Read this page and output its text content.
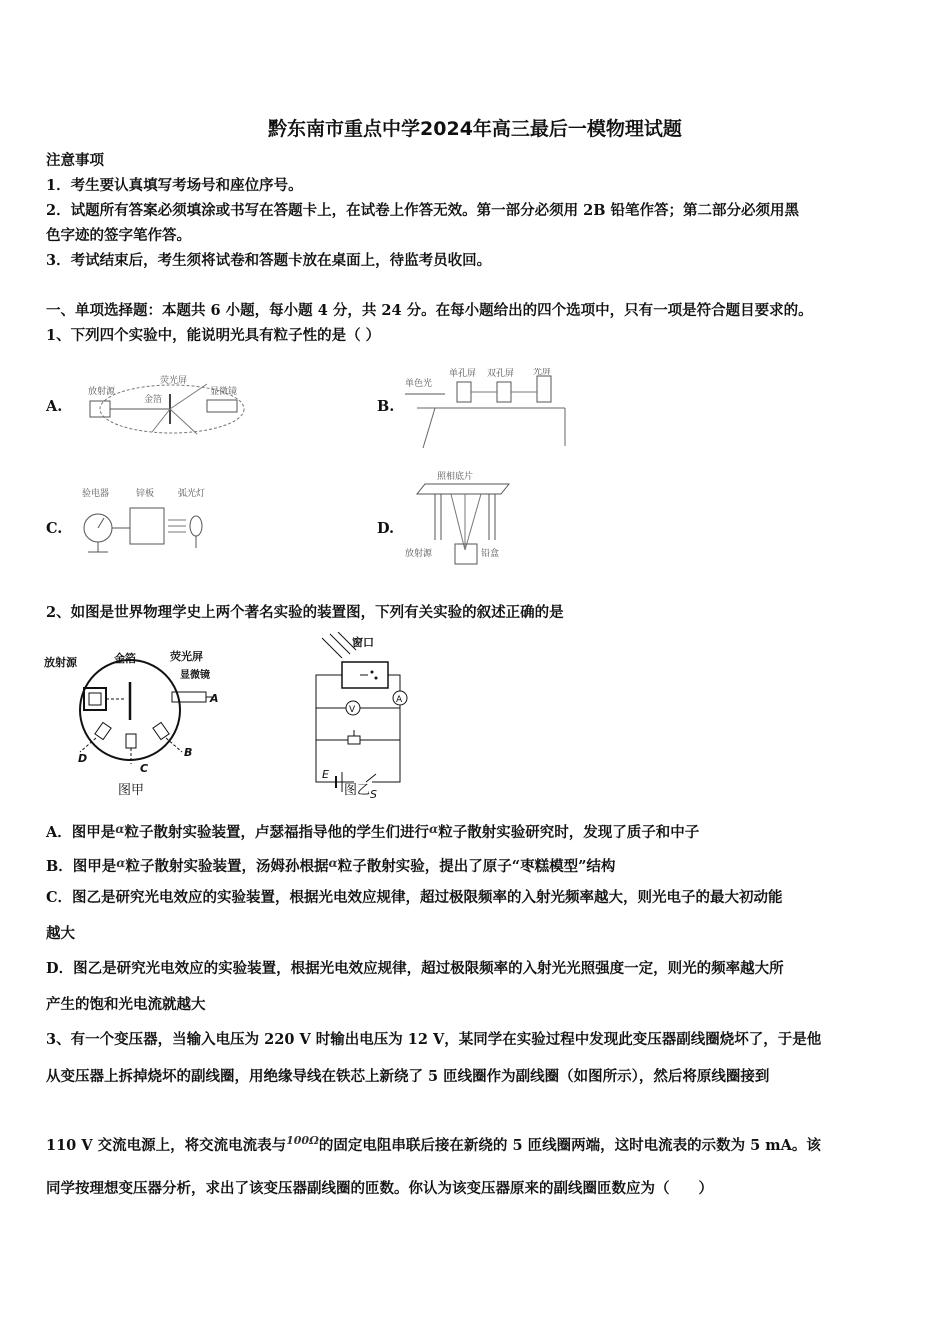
黔东南市重点中学2024年高三最后一模物理试题
注意事项
1．考生要认真填写考场号和座位序号。
2．试题所有答案必须填涂或书写在答题卡上，在试卷上作答无效。第一部分必须用 2B 铅笔作答；第二部分必须用黑
色字迹的签字笔作答。
3．考试结束后，考生须将试卷和答题卡放在桌面上，待监考员收回。
一、单项选择题：本题共 6 小题，每小题 4 分，共 24 分。在每小题给出的四个选项中，只有一项是符合题目要求的。
1、下列四个实验中，能说明光具有粒子性的是（ ）
A.	B.
C.	D.
放射源
荧光屏
显微镜
金箔
单色光
单孔屏 双孔屏 光屏
验电器	锌板	弧光灯
照相底片
放射源	铅盒
2、如图是世界物理学史上两个著名实验的装置图，下列有关实验的叙述正确的是
放射源	金箔	荧光屏
显微镜
A
B
C
D
图甲
窗口
A
V
E
S
图乙
A．图甲是$^\alpha$粒子散射实验装置，卢瑟福指导他的学生们进行$^\alpha$粒子散射实验研究时，发现了质子和中子
B．图甲是$^\alpha$粒子散射实验装置，汤姆孙根据$^\alpha$粒子散射实验，提出了原子“枣糕模型”结构
C．图乙是研究光电效应的实验装置，根据光电效应规律，超过极限频率的入射光频率越大，则光电子的最大初动能
越大
D．图乙是研究光电效应的实验装置，根据光电效应规律，超过极限频率的入射光光照强度一定，则光的频率越大所
产生的饱和光电流就越大
3、有一个变压器，当输入电压为 220 V 时输出电压为 12 V，某同学在实验过程中发现此变压器副线圈烧坏了，于是他
从变压器上拆掉烧坏的副线圈，用绝缘导线在铁芯上新绕了 5 匝线圈作为副线圈（如图所示），然后将原线圈接到
110 V 交流电源上，将交流电流表与$^{100\Omega}$的固定电阻串联后接在新绕的 5 匝线圈两端，这时电流表的示数为 5 mA。该
同学按理想变压器分析，求出了该变压器副线圈的匝数。你认为该变压器原来的副线圈匝数应为（　　）
